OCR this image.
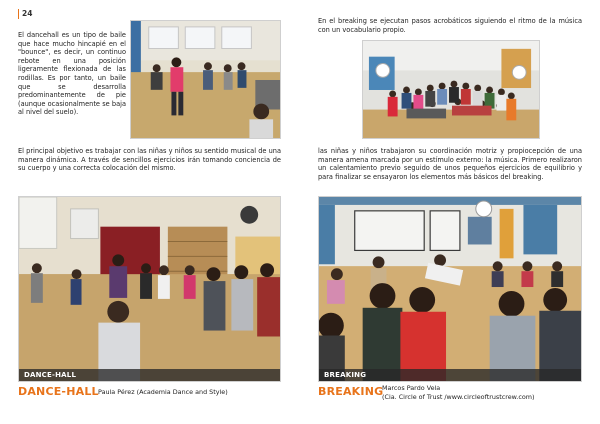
24
El dancehall es un tipo de baile que hace mucho hincapié en el "bounce", es decir, un continuo rebote en una posición ligeramente flexionada de las rodillas. Es por tanto, un baile que se desarrolla predominantemente de pie (aunque ocasionalmente se baja al nivel del suelo).
El principal objetivo es trabajar con las niñas y niños su sentido musical de una manera dinámica. A través de sencillos ejercicios irán tomando conciencia de su cuerpo y una correcta colocación del mismo.
DANCE-HALL
DANCE-HALL Paula Pérez (Academia Dance and Style)
En el breaking se ejecutan pasos acrobáticos siguiendo el ritmo de la música con un vocabulario propio.
las niñas y niños trabajaron su coordinación motriz y propiocepción de una manera amena marcada por un estímulo externo: la música. Primero realizaron un calentamiento previo seguido de unos pequeños ejercicios de equilibrio y para finalizar se ensayaron los elementos más básicos del breaking.
BREAKING
BREAKING
Marcos Pardo Vela
(Cia. Circle of Trust /www.circleoftrustcrew.com)
